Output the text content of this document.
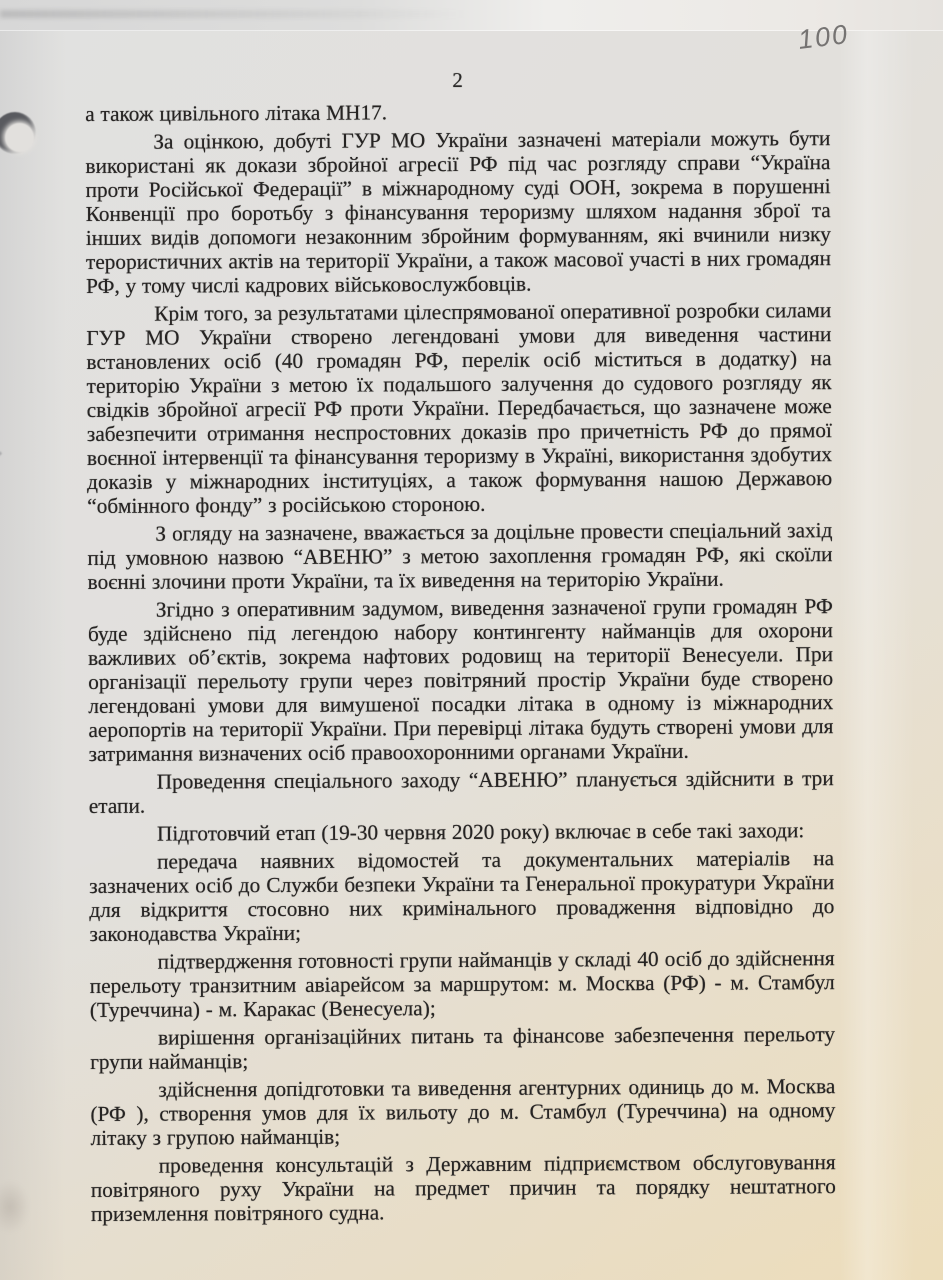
100
2

а також цивільного літака МН17.

За оцінкою, добуті ГУР МО України зазначені матеріали можуть бути використані як докази збройної агресії РФ під час розгляду справи “Україна проти Російської Федерації” в міжнародному суді ООН, зокрема в порушенні Конвенції про боротьбу з фінансування тероризму шляхом надання зброї та інших видів допомоги незаконним збройним формуванням, які вчинили низку терористичних актів на території України, а також масової участі в них громадян РФ, у тому числі кадрових військовослужбовців.

Крім того, за результатами цілеспрямованої оперативної розробки силами ГУР МО України створено легендовані умови для виведення частини встановлених осіб (40 громадян РФ, перелік осіб міститься в додатку) на територію України з метою їх подальшого залучення до судового розгляду як свідків збройної агресії РФ проти України. Передбачається, що зазначене може забезпечити отримання неспростовних доказів про причетність РФ до прямої воєнної інтервенції та фінансування тероризму в Україні, використання здобутих доказів у міжнародних інституціях, а також формування нашою Державою “обмінного фонду” з російською стороною.

З огляду на зазначене, вважається за доцільне провести спеціальний захід під умовною назвою “АВЕНЮ” з метою захоплення громадян РФ, які скоїли воєнні злочини проти України, та їх виведення на територію України.

Згідно з оперативним задумом, виведення зазначеної групи громадян РФ буде здійснено під легендою набору контингенту найманців для охорони важливих об’єктів, зокрема нафтових родовищ на території Венесуели. При організації перельоту групи через повітряний простір України буде створено легендовані умови для вимушеної посадки літака в одному із міжнародних аеропортів на території України. При перевірці літака будуть створені умови для затримання визначених осіб правоохоронними органами України.

Проведення спеціального заходу “АВЕНЮ” планується здійснити в три етапи.

Підготовчий етап (19-30 червня 2020 року) включає в себе такі заходи:

передача наявних відомостей та документальних матеріалів на зазначених осіб до Служби безпеки України та Генеральної прокуратури України для відкриття стосовно них кримінального провадження відповідно до законодавства України;

підтвердження готовності групи найманців у складі 40 осіб до здійснення перельоту транзитним авіарейсом за маршрутом: м. Москва (РФ) - м. Стамбул (Туреччина) - м. Каракас (Венесуела);

вирішення організаційних питань та фінансове забезпечення перельоту групи найманців;

здійснення допідготовки та виведення агентурних одиниць до м. Москва (РФ ), створення умов для їх вильоту до м. Стамбул (Туреччина) на одному літаку з групою найманців;

проведення консультацій з Державним підприємством обслуговування повітряного руху України на предмет причин та порядку нештатного приземлення повітряного судна.
